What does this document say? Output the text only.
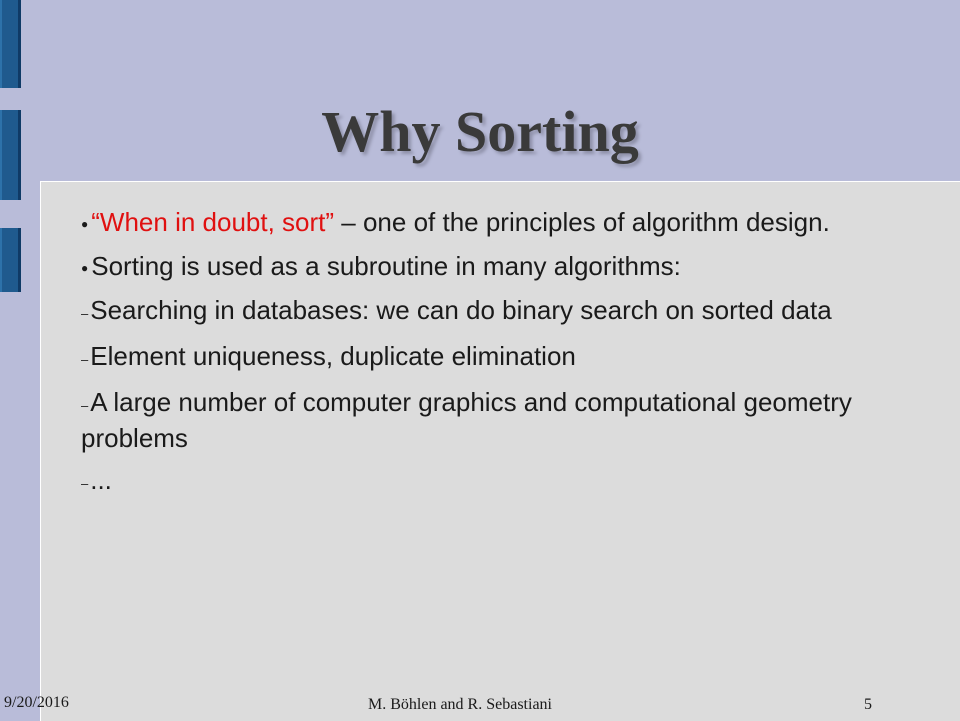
Why Sorting
● “When in doubt, sort” – one of the principles of algorithm design.
● Sorting is used as a subroutine in many algorithms:
–Searching in databases: we can do binary search on sorted data
–Element uniqueness, duplicate elimination
–A large number of computer graphics and computational geometry problems
–...
9/20/2016	M. Böhlen and R. Sebastiani	5
